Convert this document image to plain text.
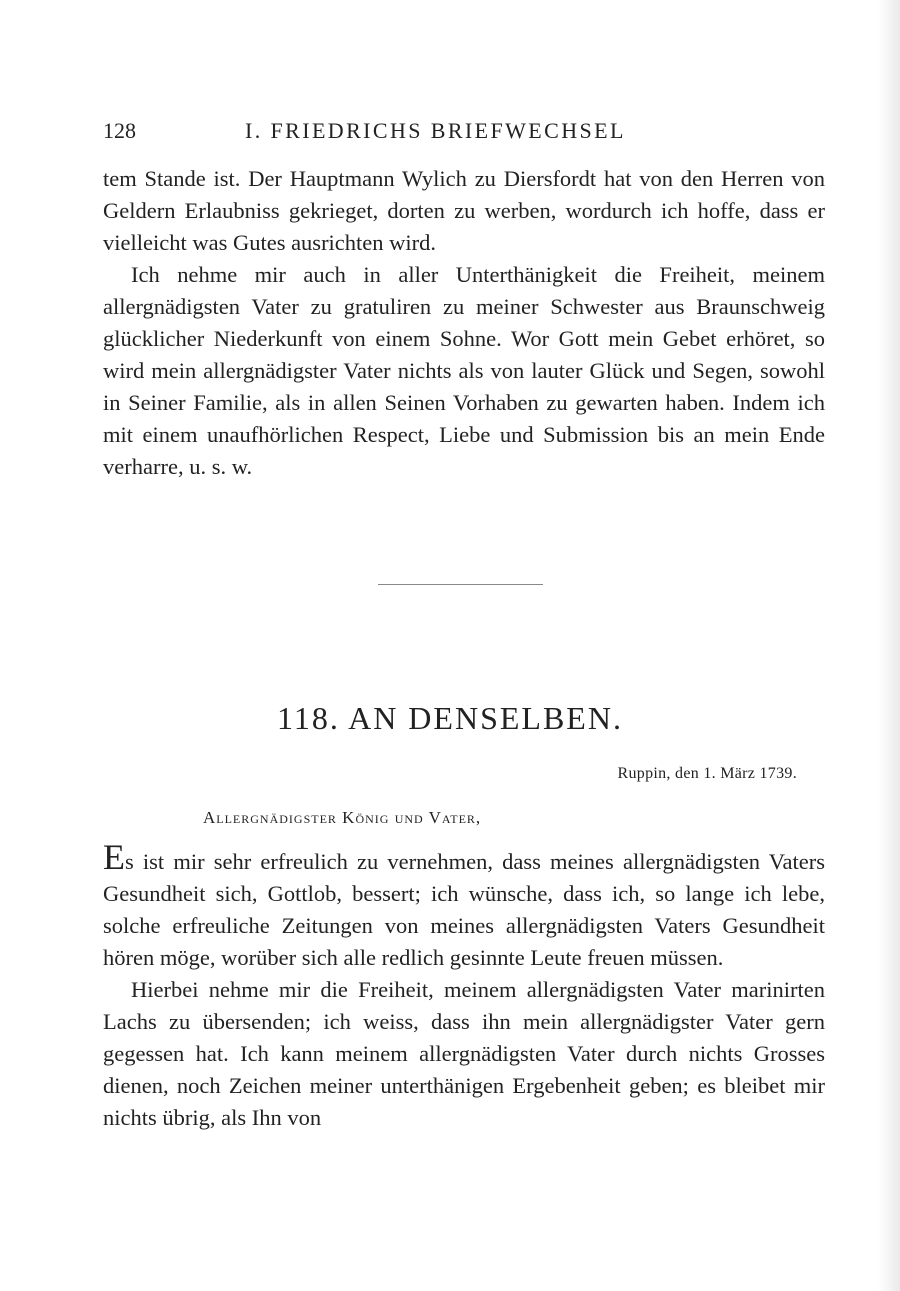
128	I. FRIEDRICHS BRIEFWECHSEL

tem Stande ist. Der Hauptmann Wylich zu Diersfordt hat von den Herren von Geldern Erlaubniss gekrieget, dorten zu werben, wordurch ich hoffe, dass er vielleicht was Gutes ausrichten wird.

Ich nehme mir auch in aller Unterthänigkeit die Freiheit, meinem allergnädigsten Vater zu gratuliren zu meiner Schwester aus Braunschweig glücklicher Niederkunft von einem Sohne. Wor Gott mein Gebet erhöret, so wird mein allergnädigster Vater nichts als von lauter Glück und Segen, sowohl in Seiner Familie, als in allen Seinen Vorhaben zu gewarten haben. Indem ich mit einem unaufhörlichen Respect, Liebe und Submission bis an mein Ende verharre, u. s. w.

118. AN DENSELBEN.
Ruppin, den 1. März 1739.
Allergnädigster König und Vater,

Es ist mir sehr erfreulich zu vernehmen, dass meines allergnädigsten Vaters Gesundheit sich, Gottlob, bessert; ich wünsche, dass ich, so lange ich lebe, solche erfreuliche Zeitungen von meines allergnädigsten Vaters Gesundheit hören möge, worüber sich alle redlich gesinnte Leute freuen müssen.

Hierbei nehme mir die Freiheit, meinem allergnädigsten Vater marinirten Lachs zu übersenden; ich weiss, dass ihn mein allergnädigster Vater gern gegessen hat. Ich kann meinem allergnädigsten Vater durch nichts Grosses dienen, noch Zeichen meiner unterthänigen Ergebenheit geben; es bleibet mir nichts übrig, als Ihn von
